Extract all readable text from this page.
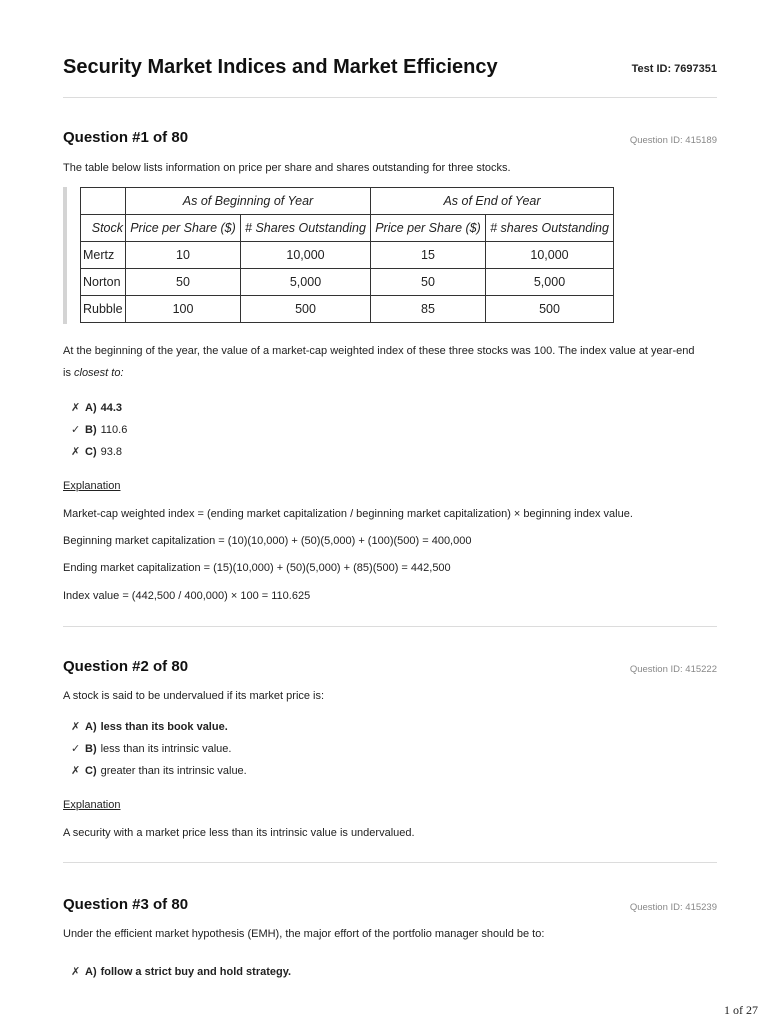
Security Market Indices and Market Efficiency	Test ID: 7697351
Question #1 of 80	Question ID: 415189

The table below lists information on price per share and shares outstanding for three stocks.

	As of Beginning of Year		As of End of Year	
Stock	Price per Share ($)	# Shares Outstanding	Price per Share ($)	# shares Outstanding
Mertz	10	10,000	15	10,000
Norton	50	5,000	50	5,000
Rubble	100	500	85	500

At the beginning of the year, the value of a market-cap weighted index of these three stocks was 100. The index value at year-end is closest to:

✗ A) 44.3
✓ B) 110.6
✗ C) 93.8
Explanation

Market-cap weighted index = (ending market capitalization / beginning market capitalization) × beginning index value.

Beginning market capitalization = (10)(10,000) + (50)(5,000) + (100)(500) = 400,000

Ending market capitalization = (15)(10,000) + (50)(5,000) + (85)(500) = 442,500

Index value = (442,500 / 400,000) × 100 = 110.625

Question #2 of 80	Question ID: 415222

A stock is said to be undervalued if its market price is:

✗ A) less than its book value.
✓ B) less than its intrinsic value.
✗ C) greater than its intrinsic value.
Explanation

A security with a market price less than its intrinsic value is undervalued.

Question #3 of 80	Question ID: 415239

Under the efficient market hypothesis (EMH), the major effort of the portfolio manager should be to:

✗ A) follow a strict buy and hold strategy.
1 of 27
